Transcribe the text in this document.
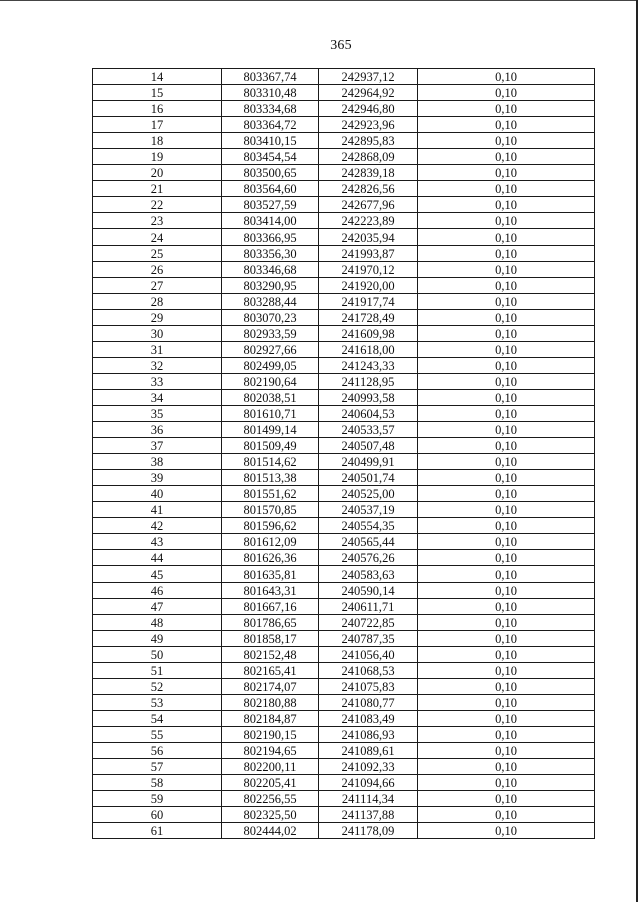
365
14	803367,74	242937,12	0,10
15	803310,48	242964,92	0,10
16	803334,68	242946,80	0,10
17	803364,72	242923,96	0,10
18	803410,15	242895,83	0,10
19	803454,54	242868,09	0,10
20	803500,65	242839,18	0,10
21	803564,60	242826,56	0,10
22	803527,59	242677,96	0,10
23	803414,00	242223,89	0,10
24	803366,95	242035,94	0,10
25	803356,30	241993,87	0,10
26	803346,68	241970,12	0,10
27	803290,95	241920,00	0,10
28	803288,44	241917,74	0,10
29	803070,23	241728,49	0,10
30	802933,59	241609,98	0,10
31	802927,66	241618,00	0,10
32	802499,05	241243,33	0,10
33	802190,64	241128,95	0,10
34	802038,51	240993,58	0,10
35	801610,71	240604,53	0,10
36	801499,14	240533,57	0,10
37	801509,49	240507,48	0,10
38	801514,62	240499,91	0,10
39	801513,38	240501,74	0,10
40	801551,62	240525,00	0,10
41	801570,85	240537,19	0,10
42	801596,62	240554,35	0,10
43	801612,09	240565,44	0,10
44	801626,36	240576,26	0,10
45	801635,81	240583,63	0,10
46	801643,31	240590,14	0,10
47	801667,16	240611,71	0,10
48	801786,65	240722,85	0,10
49	801858,17	240787,35	0,10
50	802152,48	241056,40	0,10
51	802165,41	241068,53	0,10
52	802174,07	241075,83	0,10
53	802180,88	241080,77	0,10
54	802184,87	241083,49	0,10
55	802190,15	241086,93	0,10
56	802194,65	241089,61	0,10
57	802200,11	241092,33	0,10
58	802205,41	241094,66	0,10
59	802256,55	241114,34	0,10
60	802325,50	241137,88	0,10
61	802444,02	241178,09	0,10
